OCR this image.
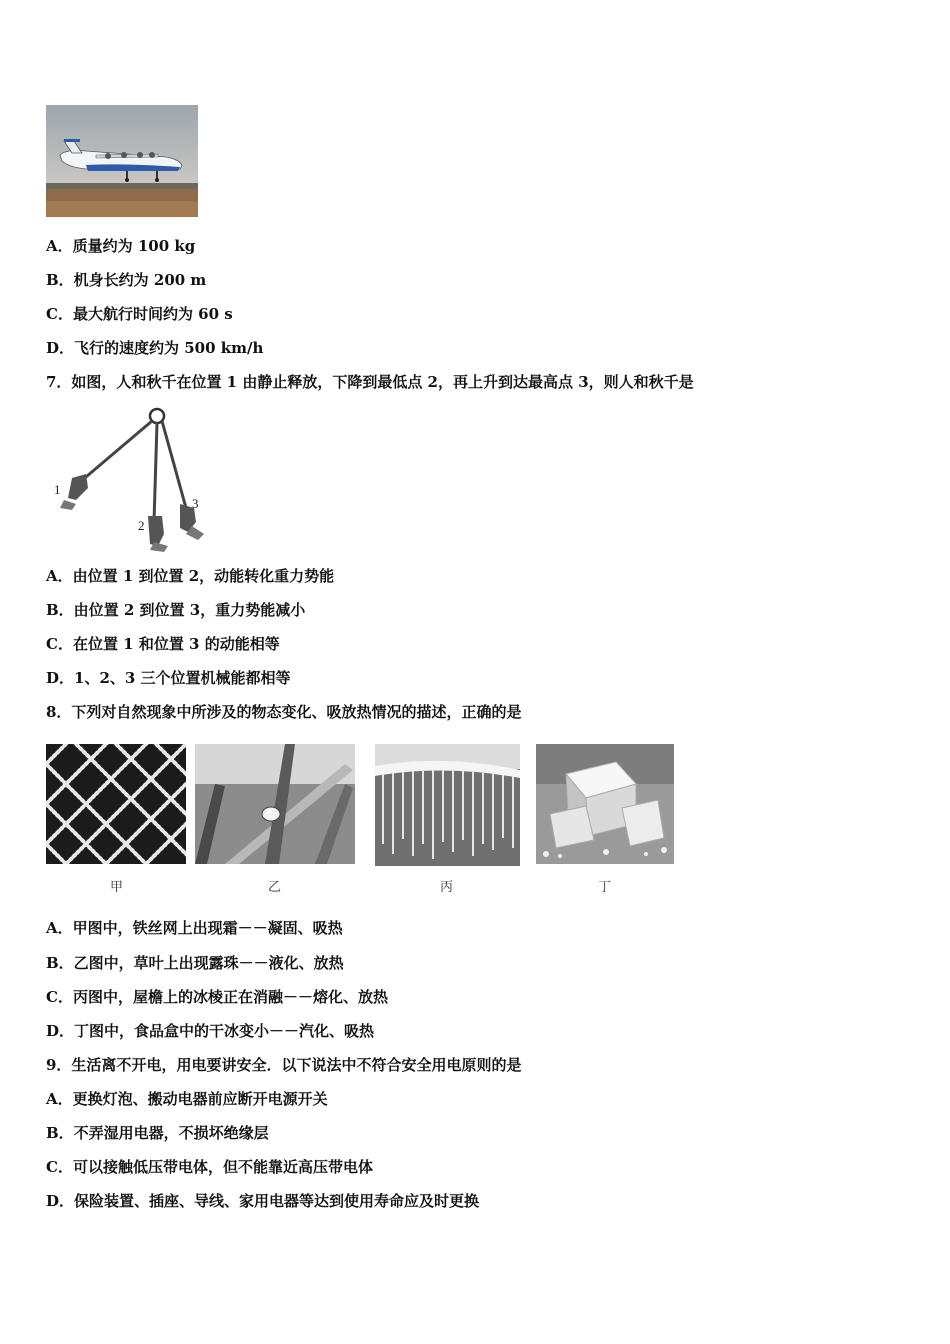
A．质量约为 100 kg
B．机身长约为 200 m
C．最大航行时间约为 60 s
D．飞行的速度约为 500 km/h
7．如图，人和秋千在位置 1 由静止释放，下降到最低点 2，再上升到达最高点 3，则人和秋千是
1
2
3
A．由位置 1 到位置 2，动能转化重力势能
B．由位置 2 到位置 3，重力势能减小
C．在位置 1 和位置 3 的动能相等
D．1、2、3 三个位置机械能都相等
8．下列对自然现象中所涉及的物态变化、吸放热情况的描述，正确的是
甲	乙	丙	丁
A．甲图中，铁丝网上出现霜－－凝固、吸热
B．乙图中，草叶上出现露珠－－液化、放热
C．丙图中，屋檐上的冰棱正在消融－－熔化、放热
D．丁图中，食品盒中的干冰变小－－汽化、吸热
9．生活离不开电，用电要讲安全．以下说法中不符合安全用电原则的是
A．更换灯泡、搬动电器前应断开电源开关
B．不弄湿用电器，不损坏绝缘层
C．可以接触低压带电体，但不能靠近高压带电体
D．保险装置、插座、导线、家用电器等达到使用寿命应及时更换
